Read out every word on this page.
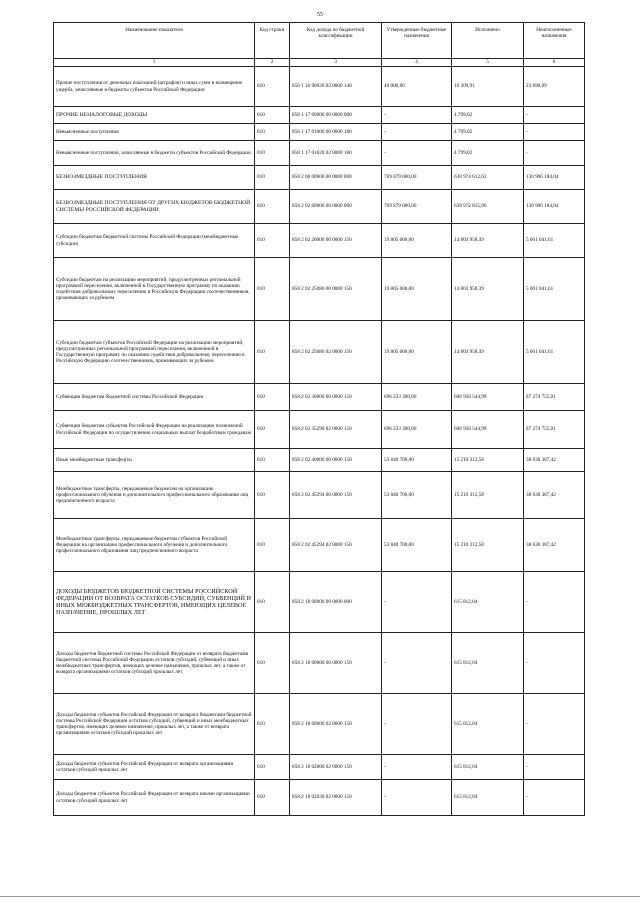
55
Наименование показателя	Код строки	Код дохода по бюджетной классификации	Утвержденные бюджетные назначения	Исполнено	Неисполненные назначения
1	2	3	4	5	6
Прочие поступления от денежных взысканий (штрафов) и иных сумм в возмещение ущерба, зачисляемые в бюджеты субъектов Российской Федерации	010	858 1 16 90020 02 0000 140	40 000,00	16 309,91	23 690,09
ПРОЧИЕ НЕНАЛОГОВЫЕ ДОХОДЫ	010	858 1 17 00000 00 0000 000	-	4 799,02	-
Невыясненные поступления	010	858 1 17 01000 00 0000 180	-	4 799,02	-
Невыясненные поступления, зачисляемые в бюджеты субъектов Российской Федерации	010	858 1 17 01020 02 0000 180	-	4 799,02	-
БЕЗВОЗМЕЗДНЫЕ ПОСТУПЛЕНИЯ	010	858 2 00 00000 00 0000 000	769 879 000,00	638 974 612,63	130 906 184,04
БЕЗВОЗМЕЗДНЫЕ ПОСТУПЛЕНИЯ ОТ ДРУГИХ БЮДЖЕТОВ БЮДЖЕТНОЙ СИСТЕМЫ РОССИЙСКОЙ ФЕДЕРАЦИИ	010	858 2 02 00000 00 0000 000	769 879 000,00	638 972 815,96	130 906 184,04
Субсидии бюджетам бюджетной системы Российской Федерации (межбюджетные субсидии)	010	858 2 02 20000 00 0000 150	19 805 000,00	14 803 958,39	5 001 041,61
Субсидии бюджетам на реализацию мероприятий, предусмотренных региональной программой переселения, включенной в Государственную программу по оказанию содействия добровольному переселению в Российскую Федерацию соотечественников, проживающих за рубежом	010	858 2 02 25086 00 0000 150	19 805 000,00	14 803 958,39	5 001 041,61
Субсидии бюджетам субъектов Российской Федерации на реализацию мероприятий, предусмотренных региональной программой переселения, включенной в Государственную программу по оказанию содействия добровольному переселению в Российскую Федерацию соотечественников, проживающих за рубежом	010	858 2 02 25086 02 0000 150	19 805 000,00	14 803 958,39	5 001 041,61
Субвенции бюджетам бюджетной системы Российской Федерации	010	858 2 02 30000 00 0000 150	696 233 300,00	608 958 544,99	87 274 755,01
Субвенции бюджетам субъектов Российской Федерации на реализацию полномочий Российской Федерации по осуществлению социальных выплат безработным гражданам	010	858 2 02 35290 02 0000 150	696 233 300,00	608 958 544,99	87 274 755,01
Иные межбюджетные трансферты	010	858 2 02 40000 00 0000 150	53 840 700,00	15 210 312,58	38 630 387,42
Межбюджетные трансферты, передаваемые бюджетам на организацию профессионального обучения и дополнительного профессионального образования лиц предпенсионного возраста	010	858 2 02 45294 00 0000 150	53 840 700,00	15 210 312,58	38 630 387,42
Межбюджетные трансферты, передаваемые бюджетам субъектов Российской Федерации на организацию профессионального обучения и дополнительного профессионального образования лиц предпенсионного возраста	010	858 2 02 45294 02 0000 150	53 840 700,00	15 210 312,58	38 630 387,42
ДОХОДЫ БЮДЖЕТОВ БЮДЖЕТНОЙ СИСТЕМЫ РОССИЙСКОЙ ФЕДЕРАЦИИ ОТ ВОЗВРАТА ОСТАТКОВ СУБСИДИЙ, СУБВЕНЦИЙ И ИНЫХ МЕЖБЮДЖЕТНЫХ ТРАНСФЕРТОВ, ИМЕЮЩИХ ЦЕЛЕВОЕ НАЗНАЧЕНИЕ, ПРОШЛЫХ ЛЕТ	010	858 2 18 00000 00 0000 000	-	615 812,04	-
Доходы бюджетов бюджетной системы Российской Федерации от возврата бюджетами бюджетной системы Российской Федерации остатков субсидий, субвенций и иных межбюджетных трансфертов, имеющих целевое назначение, прошлых лет, а также от возврата организациями остатков субсидий прошлых лет	010	858 2 18 00000 00 0000 150	-	615 812,04	-
Доходы бюджетов субъектов Российской Федерации от возврата бюджетами бюджетной системы Российской Федерации остатков субсидий, субвенций и иных межбюджетных трансфертов, имеющих целевое назначение, прошлых лет, а также от возврата организациями остатков субсидий прошлых лет	010	858 2 18 00000 02 0000 150	-	615 812,04	-
Доходы бюджетов субъектов Российской Федерации от возврата организациями остатков субсидий прошлых лет	010	858 2 18 02000 02 0000 150	-	615 812,04	-
Доходы бюджетов субъектов Российской Федерации от возврата иными организациями остатков субсидий прошлых лет	010	858 2 18 02030 02 0000 150	-	615 812,04	-
